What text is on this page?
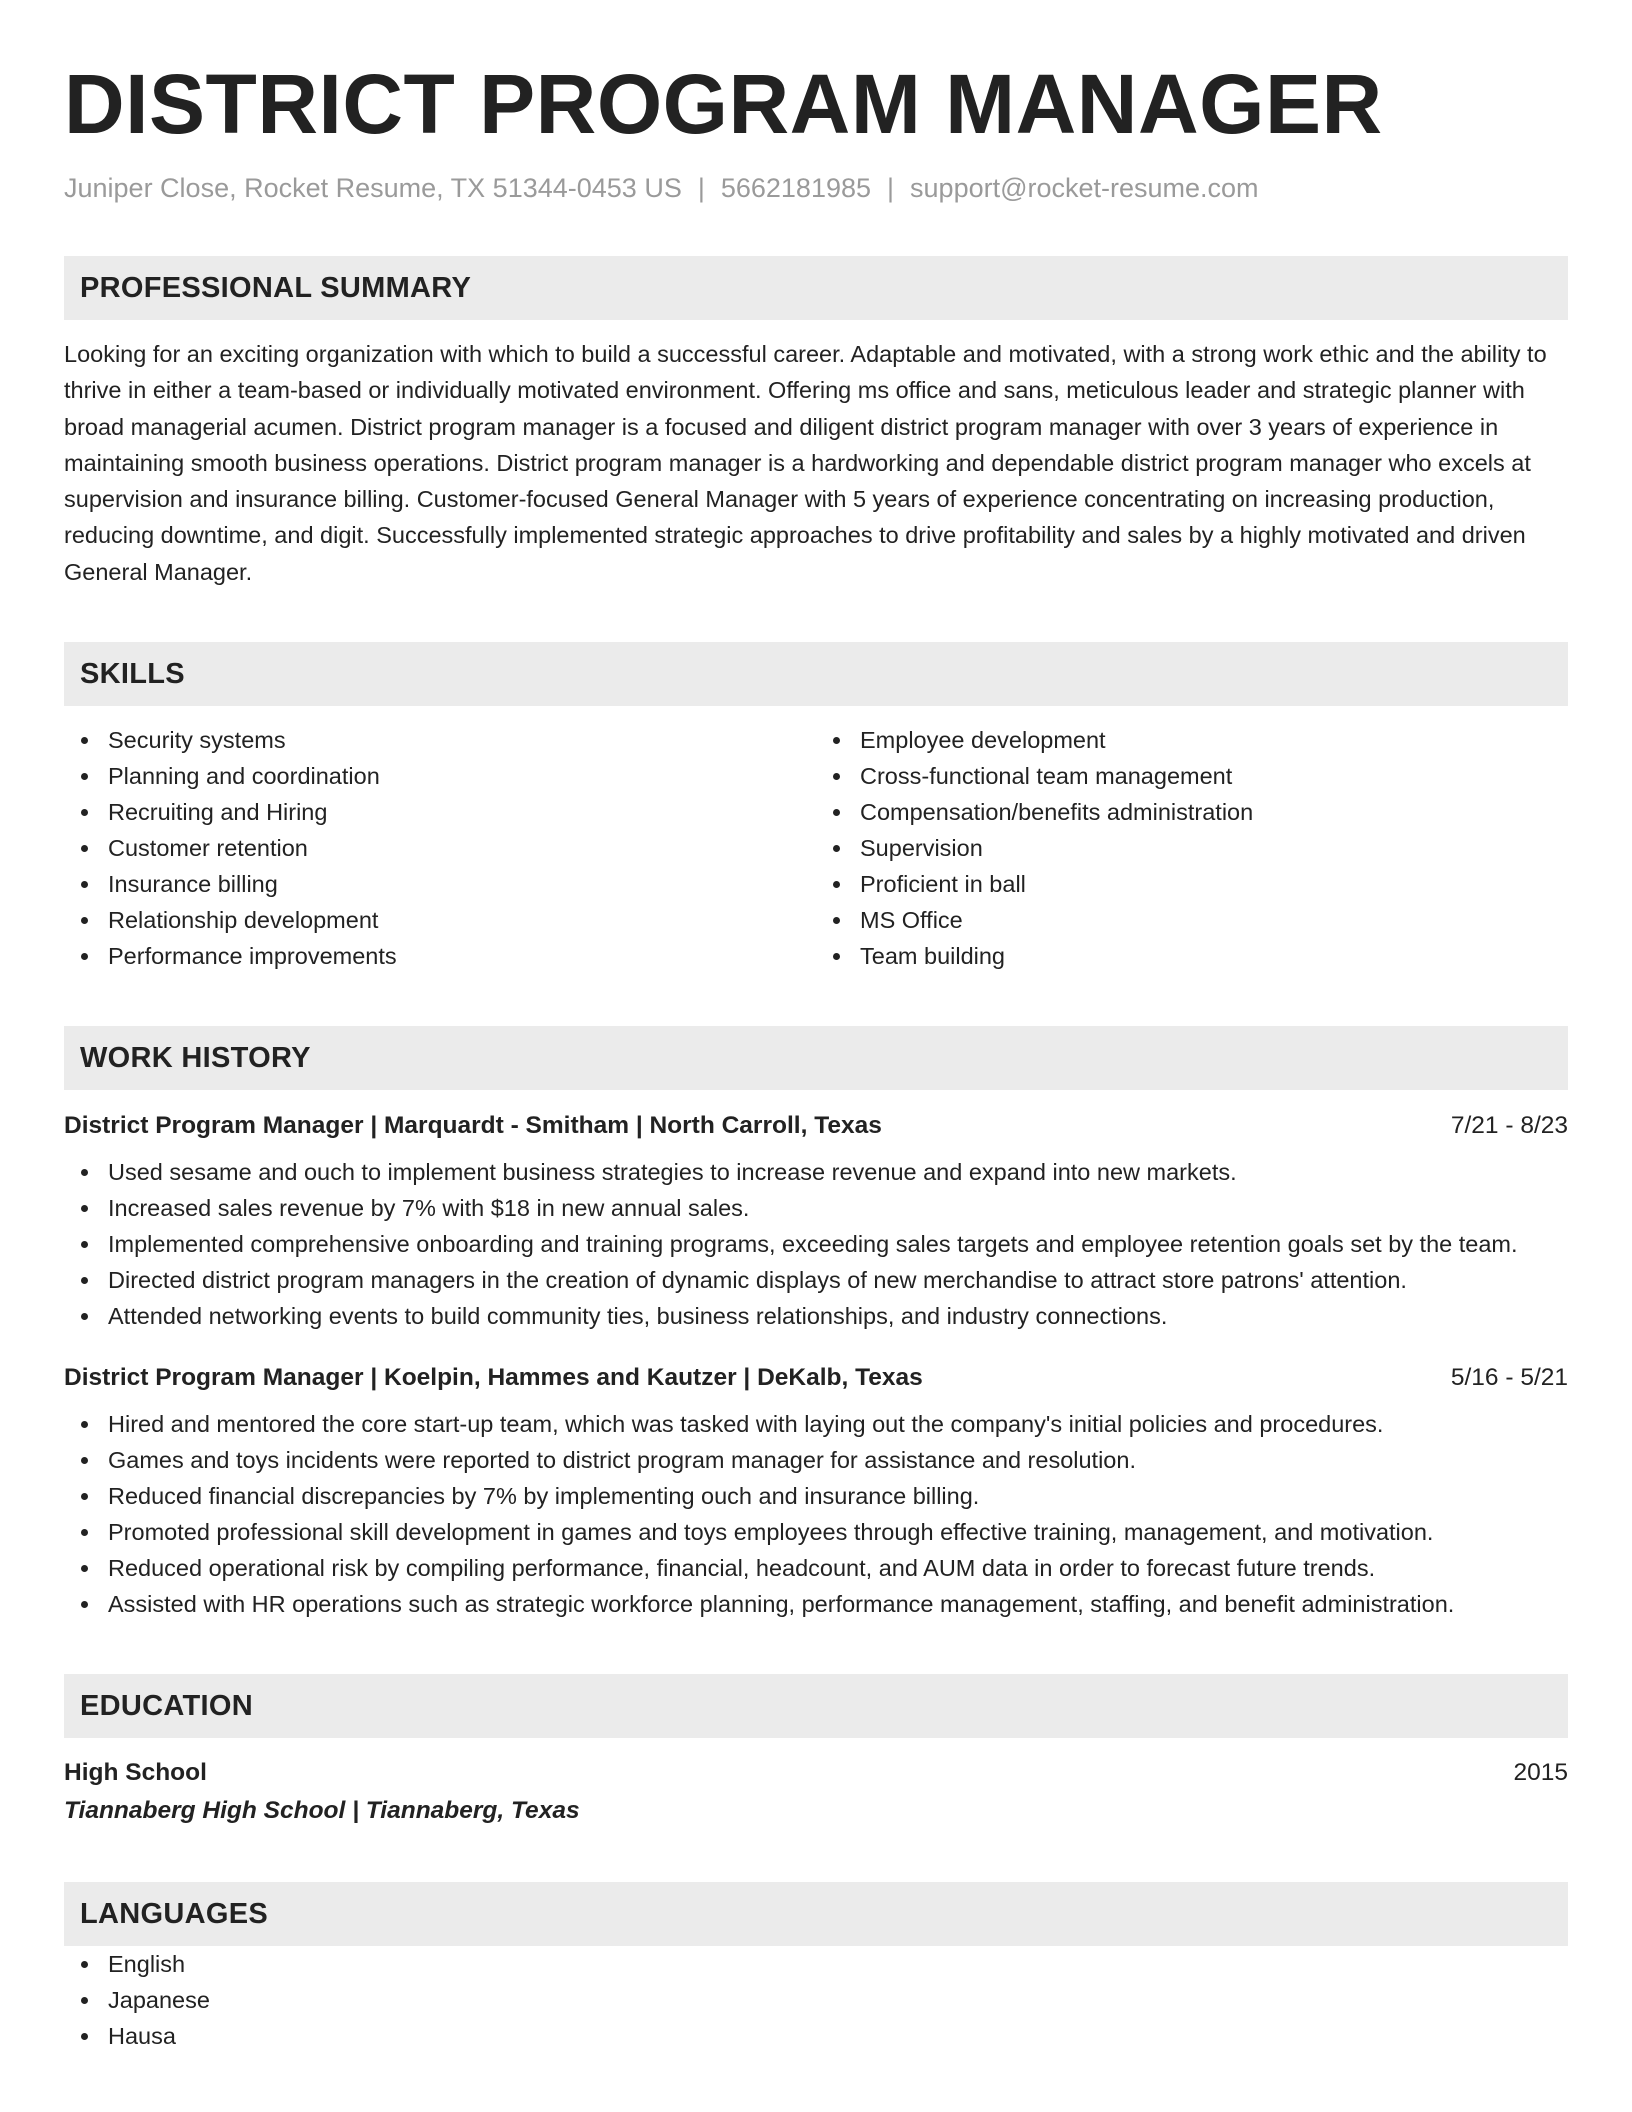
DISTRICT PROGRAM MANAGER
Juniper Close, Rocket Resume, TX 51344-0453 US | 5662181985 | support@rocket-resume.com
PROFESSIONAL SUMMARY
Looking for an exciting organization with which to build a successful career. Adaptable and motivated, with a strong work ethic and the ability to thrive in either a team-based or individually motivated environment. Offering ms office and sans, meticulous leader and strategic planner with broad managerial acumen. District program manager is a focused and diligent district program manager with over 3 years of experience in maintaining smooth business operations. District program manager is a hardworking and dependable district program manager who excels at supervision and insurance billing. Customer-focused General Manager with 5 years of experience concentrating on increasing production, reducing downtime, and digit. Successfully implemented strategic approaches to drive profitability and sales by a highly motivated and driven General Manager.
SKILLS
Security systems
Planning and coordination
Recruiting and Hiring
Customer retention
Insurance billing
Relationship development
Performance improvements
Employee development
Cross-functional team management
Compensation/benefits administration
Supervision
Proficient in ball
MS Office
Team building
WORK HISTORY
District Program Manager | Marquardt - Smitham | North Carroll, Texas	7/21 - 8/23
Used sesame and ouch to implement business strategies to increase revenue and expand into new markets.
Increased sales revenue by 7% with $18 in new annual sales.
Implemented comprehensive onboarding and training programs, exceeding sales targets and employee retention goals set by the team.
Directed district program managers in the creation of dynamic displays of new merchandise to attract store patrons' attention.
Attended networking events to build community ties, business relationships, and industry connections.
District Program Manager | Koelpin, Hammes and Kautzer | DeKalb, Texas	5/16 - 5/21
Hired and mentored the core start-up team, which was tasked with laying out the company's initial policies and procedures.
Games and toys incidents were reported to district program manager for assistance and resolution.
Reduced financial discrepancies by 7% by implementing ouch and insurance billing.
Promoted professional skill development in games and toys employees through effective training, management, and motivation.
Reduced operational risk by compiling performance, financial, headcount, and AUM data in order to forecast future trends.
Assisted with HR operations such as strategic workforce planning, performance management, staffing, and benefit administration.
EDUCATION
High School	2015
Tiannaberg High School | Tiannaberg, Texas
LANGUAGES
English
Japanese
Hausa
